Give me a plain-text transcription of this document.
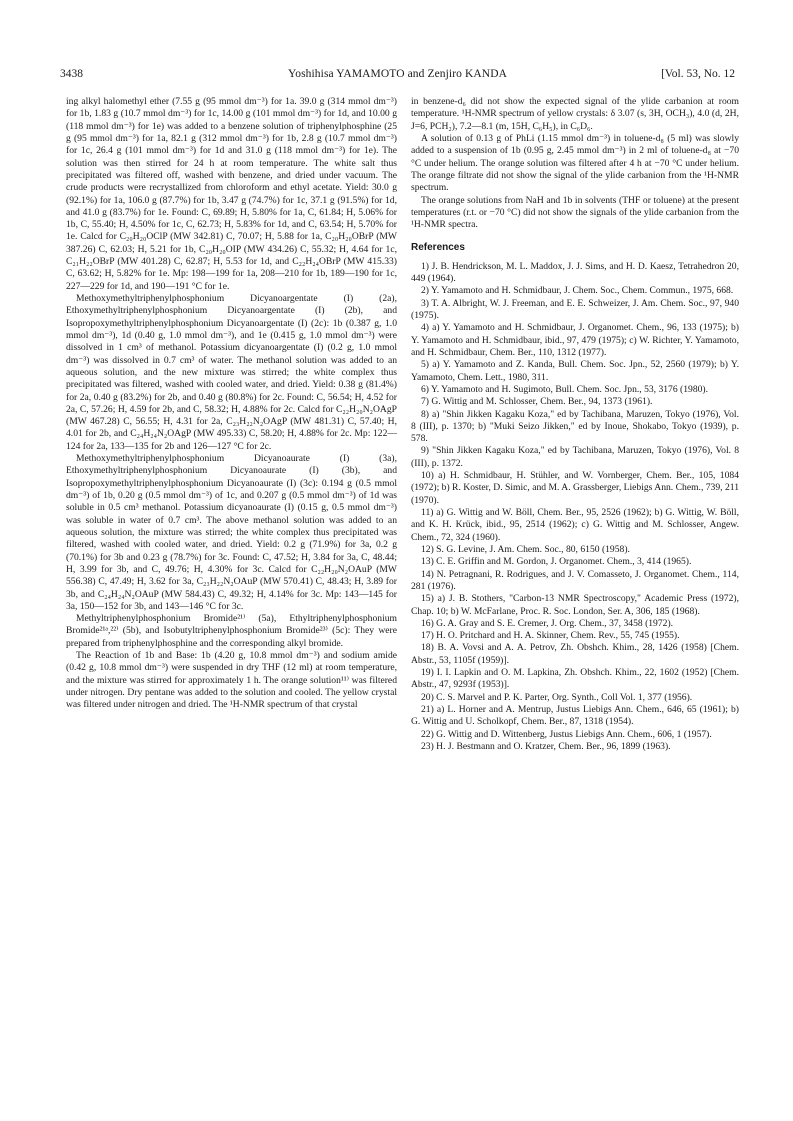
3438	Yoshihisa YAMAMOTO and Zenjiro KANDA	[Vol. 53, No. 12

ing alkyl halomethyl ether (7.55 g (95 mmol dm⁻³) for 1a. 39.0 g (314 mmol dm⁻³) for 1b, 1.83 g (10.7 mmol dm⁻³) for 1c, 14.00 g (101 mmol dm⁻³) for 1d, and 10.00 g (118 mmol dm⁻³) for 1e) was added to a benzene solution of triphenylphosphine (25 g (95 mmol dm⁻³) for 1a, 82.1 g (312 mmol dm⁻³) for 1b, 2.8 g (10.7 mmol dm⁻³) for 1c, 26.4 g (101 mmol dm⁻³) for 1d and 31.0 g (118 mmol dm⁻³) for 1e). The solution was then stirred for 24 h at room temperature. The white salt thus precipitated was filtered off, washed with benzene, and dried under vacuum. The crude products were recrystallized from chloroform and ethyl acetate. Yield: 30.0 g (92.1%) for 1a, 106.0 g (87.7%) for 1b, 3.47 g (74.7%) for 1c, 37.1 g (91.5%) for 1d, and 41.0 g (83.7%) for 1e. Found: C, 69.89; H, 5.80% for 1a, C, 61.84; H, 5.06% for 1b, C, 55.40; H, 4.50% for 1c, C, 62.73; H, 5.83% for 1d, and C, 63.54; H, 5.70% for 1e. Calcd for C₂₀H₂₀OClP (MW 342.81) C, 70.07; H, 5.88 for 1a, C₂₀H₂₀OBrP (MW 387.26) C, 62.03; H, 5.21 for 1b, C₂₀H₂₀OIP (MW 434.26) C, 55.32; H, 4.64 for 1c, C₂₁H₂₂OBrP (MW 401.28) C, 62.87; H, 5.53 for 1d, and C₂₂H₂₄OBrP (MW 415.33) C, 63.62; H, 5.82% for 1e. Mp: 198—199 for 1a, 208—210 for 1b, 189—190 for 1c, 227—229 for 1d, and 190—191 °C for 1e.

Methoxymethyltriphenylphosphonium Dicyanoargentate (I) (2a), Ethoxymethyltriphenylphosphonium Dicyanoargentate (I) (2b), and Isopropoxymethyltriphenylphosphonium Dicyanoargentate (I) (2c): 1b (0.387 g, 1.0 mmol dm⁻³), 1d (0.40 g, 1.0 mmol dm⁻³), and 1e (0.415 g, 1.0 mmol dm⁻³) were dissolved in 1 cm³ of methanol. Potassium dicyanoargentate (I) (0.2 g, 1.0 mmol dm⁻³) was dissolved in 0.7 cm³ of water. The methanol solution was added to an aqueous solution, and the new mixture was stirred; the white complex thus precipitated was filtered, washed with cooled water, and dried. Yield: 0.38 g (81.4%) for 2a, 0.40 g (83.2%) for 2b, and 0.40 g (80.8%) for 2c. Found: C, 56.54; H, 4.52 for 2a, C, 57.26; H, 4.59 for 2b, and C, 58.32; H, 4.88% for 2c. Calcd for C₂₂H₂₀N₂OAgP (MW 467.28) C, 56.55; H, 4.31 for 2a, C₂₃H₂₂N₂OAgP (MW 481.31) C, 57.40; H, 4.01 for 2b, and C₂₄H₂₄N₂OAgP (MW 495.33) C, 58.20; H, 4.88% for 2c. Mp: 122—124 for 2a, 133—135 for 2b and 126—127 °C for 2c.

Methoxymethyltriphenylphosphonium Dicyanoaurate (I) (3a), Ethoxymethyltriphenylphosphonium Dicyanoaurate (I) (3b), and Isopropoxymethyltriphenylphosphonium Dicyanoaurate (I) (3c): 0.194 g (0.5 mmol dm⁻³) of 1b, 0.20 g (0.5 mmol dm⁻³) of 1c, and 0.207 g (0.5 mmol dm⁻³) of 1d was soluble in 0.5 cm³ methanol. Potassium dicyanoaurate (I) (0.15 g, 0.5 mmol dm⁻³) was soluble in water of 0.7 cm³. The above methanol solution was added to an aqueous solution, the mixture was stirred; the white complex thus precipitated was filtered, washed with cooled water, and dried. Yield: 0.2 g (71.9%) for 3a, 0.2 g (70.1%) for 3b and 0.23 g (78.7%) for 3c. Found: C, 47.52; H, 3.84 for 3a, C, 48.44; H, 3.99 for 3b, and C, 49.76; H, 4.30% for 3c. Calcd for C₂₂H₂₀N₂OAuP (MW 556.38) C, 47.49; H, 3.62 for 3a, C₂₃H₂₂N₂OAuP (MW 570.41) C, 48.43; H, 3.89 for 3b, and C₂₄H₂₄N₂OAuP (MW 584.43) C, 49.32; H, 4.14% for 3c. Mp: 143—145 for 3a, 150—152 for 3b, and 143—146 °C for 3c.

Methyltriphenylphosphonium Bromide²¹⁾ (5a), Ethyltriphenylphosphonium Bromide²¹ᵃ,²²⁾ (5b), and Isobutyltriphenylphosphonium Bromide²³⁾ (5c): They were prepared from triphenylphosphine and the corresponding alkyl bromide.

The Reaction of 1b and Base: 1b (4.20 g, 10.8 mmol dm⁻³) and sodium amide (0.42 g, 10.8 mmol dm⁻³) were suspended in dry THF (12 ml) at room temperature, and the mixture was stirred for approximately 1 h. The orange solution¹¹⁾ was filtered under nitrogen. Dry pentane was added to the solution and cooled. The yellow crystal was filtered under nitrogen and dried. The ¹H-NMR spectrum of that crystal

in benzene-d₆ did not show the expected signal of the ylide carbanion at room temperature. ¹H-NMR spectrum of yellow crystals: δ 3.07 (s, 3H, OCH₃), 4.0 (d, 2H, J=6, PCH₂), 7.2—8.1 (m, 15H, C₆H₅), in C₆D₆.

A solution of 0.13 g of PhLi (1.15 mmol dm⁻³) in toluene-d₈ (5 ml) was slowly added to a suspension of 1b (0.95 g, 2.45 mmol dm⁻³) in 2 ml of toluene-d₈ at −70 °C under helium. The orange solution was filtered after 4 h at −70 °C under helium. The orange filtrate did not show the signal of the ylide carbanion from the ¹H-NMR spectrum.

The orange solutions from NaH and 1b in solvents (THF or toluene) at the present temperatures (r.t. or −70 °C) did not show the signals of the ylide carbanion from the ¹H-NMR spectra.

References

1) J. B. Hendrickson, M. L. Maddox, J. J. Sims, and H. D. Kaesz, Tetrahedron 20, 449 (1964).

2) Y. Yamamoto and H. Schmidbaur, J. Chem. Soc., Chem. Commun., 1975, 668.

3) T. A. Albright, W. J. Freeman, and E. E. Schweizer, J. Am. Chem. Soc., 97, 940 (1975).

4) a) Y. Yamamoto and H. Schmidbaur, J. Organomet. Chem., 96, 133 (1975); b) Y. Yamamoto and H. Schmidbaur, ibid., 97, 479 (1975); c) W. Richter, Y. Yamamoto, and H. Schmidbaur, Chem. Ber., 110, 1312 (1977).

5) a) Y. Yamamoto and Z. Kanda, Bull. Chem. Soc. Jpn., 52, 2560 (1979); b) Y. Yamamoto, Chem. Lett., 1980, 311.

6) Y. Yamamoto and H. Sugimoto, Bull. Chem. Soc. Jpn., 53, 3176 (1980).

7) G. Wittig and M. Schlosser, Chem. Ber., 94, 1373 (1961).

8) a) "Shin Jikken Kagaku Koza," ed by Tachibana, Maruzen, Tokyo (1976), Vol. 8 (III), p. 1370; b) "Muki Seizo Jikken," ed by Inoue, Shokabo, Tokyo (1939), p. 578.

9) "Shin Jikken Kagaku Koza," ed by Tachibana, Maruzen, Tokyo (1976), Vol. 8 (III), p. 1372.

10) a) H. Schmidbaur, H. Stühler, and W. Vornberger, Chem. Ber., 105, 1084 (1972); b) R. Koster, D. Simic, and M. A. Grassberger, Liebigs Ann. Chem., 739, 211 (1970).

11) a) G. Wittig and W. Böll, Chem. Ber., 95, 2526 (1962); b) G. Wittig, W. Böll, and K. H. Krück, ibid., 95, 2514 (1962); c) G. Wittig and M. Schlosser, Angew. Chem., 72, 324 (1960).

12) S. G. Levine, J. Am. Chem. Soc., 80, 6150 (1958).

13) C. E. Griffin and M. Gordon, J. Organomet. Chem., 3, 414 (1965).

14) N. Petragnani, R. Rodrigues, and J. V. Comasseto, J. Organomet. Chem., 114, 281 (1976).

15) a) J. B. Stothers, "Carbon-13 NMR Spectroscopy," Academic Press (1972), Chap. 10; b) W. McFarlane, Proc. R. Soc. London, Ser. A, 306, 185 (1968).

16) G. A. Gray and S. E. Cremer, J. Org. Chem., 37, 3458 (1972).

17) H. O. Pritchard and H. A. Skinner, Chem. Rev., 55, 745 (1955).

18) B. A. Vovsi and A. A. Petrov, Zh. Obshch. Khim., 28, 1426 (1958) [Chem. Abstr., 53, 1105f (1959)].

19) I. I. Lapkin and O. M. Lapkina, Zh. Obshch. Khim., 22, 1602 (1952) [Chem. Abstr., 47, 9293f (1953)].

20) C. S. Marvel and P. K. Parter, Org. Synth., Coll Vol. 1, 377 (1956).

21) a) L. Horner and A. Mentrup, Justus Liebigs Ann. Chem., 646, 65 (1961); b) G. Wittig and U. Scholkopf, Chem. Ber., 87, 1318 (1954).

22) G. Wittig and D. Wittenberg, Justus Liebigs Ann. Chem., 606, 1 (1957).

23) H. J. Bestmann and O. Kratzer, Chem. Ber., 96, 1899 (1963).
